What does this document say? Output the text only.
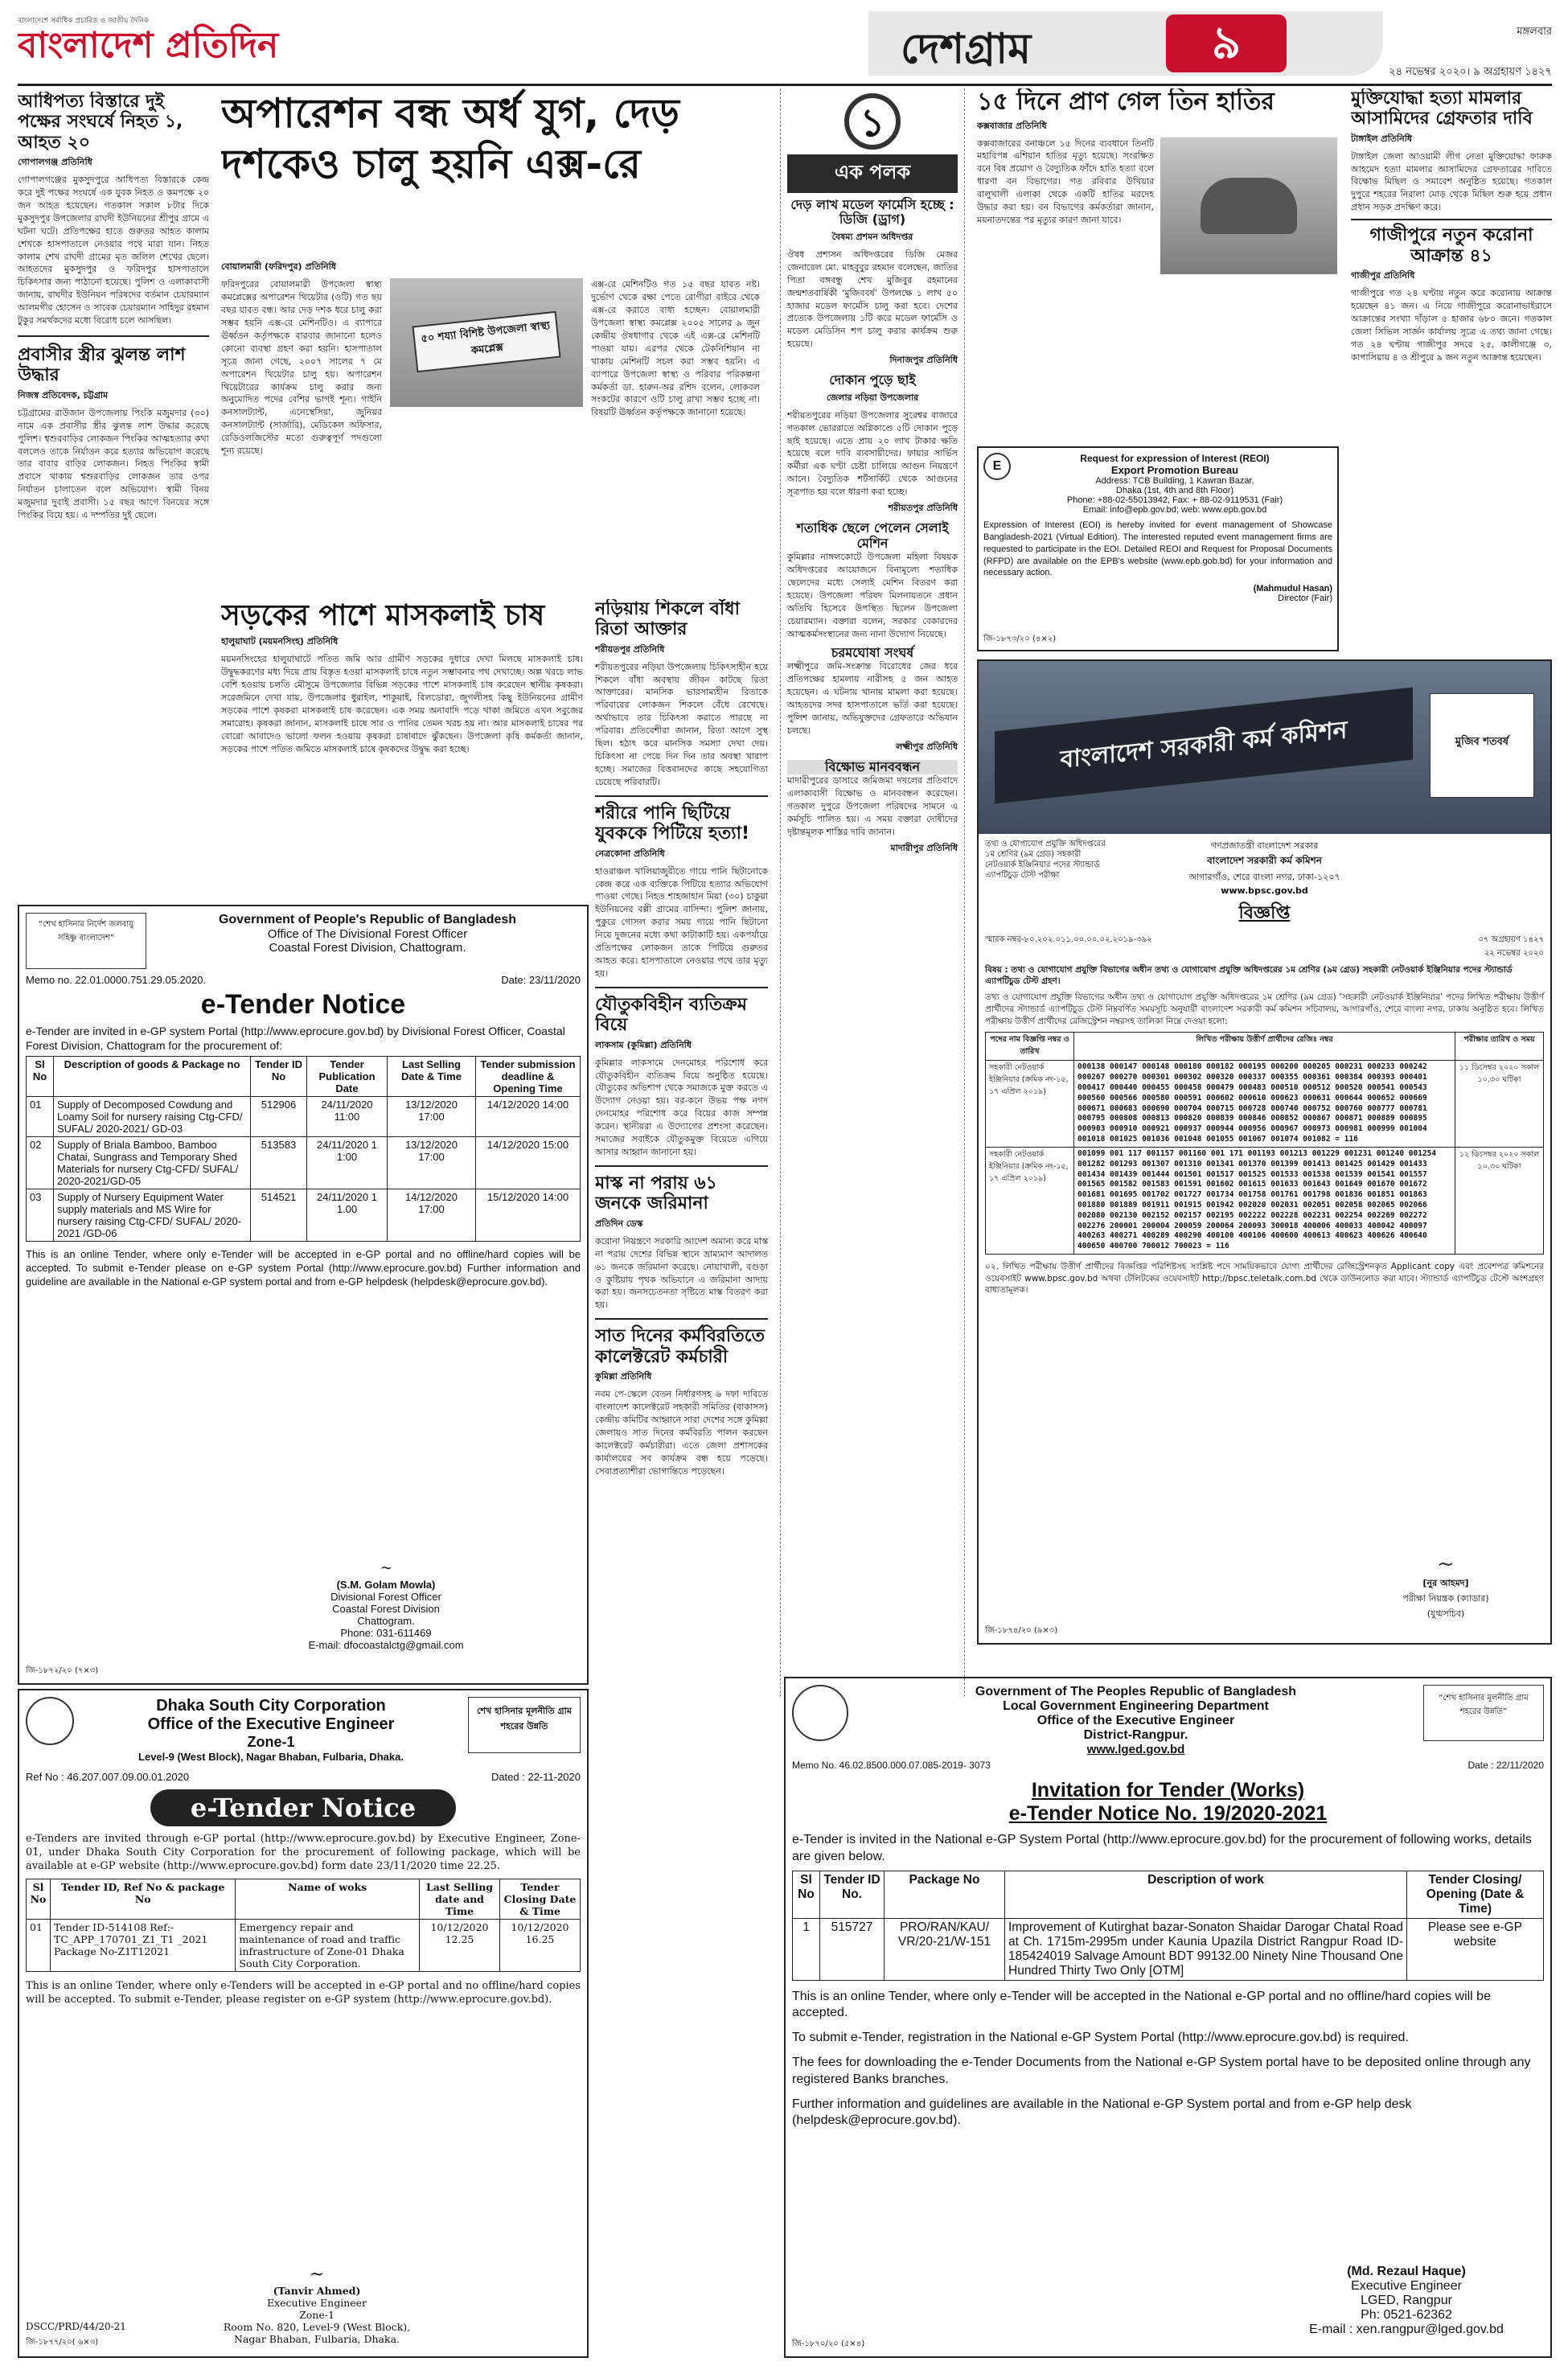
বাংলাদেশে সর্বাধিক প্রচারিত ও জাতীয় দৈনিক
বাংলাদেশ প্রতিদিন	দেশগ্রাম	৯	মঙ্গলবার
২৪ নভেম্বর ২০২০। ৯ অগ্রহায়ণ ১৪২৭
আধিপত্য বিস্তারে দুই পক্ষের সংঘর্ষে নিহত ১, আহত ২০
গোপালগঞ্জ প্রতিনিধি
গোপালগঞ্জের মুকসুদপুরে আধিপত্য বিস্তারকে কেন্দ্র করে দুই পক্ষের সংঘর্ষে এক যুবক নিহত ও কমপক্ষে ২০ জন আহত হয়েছেন। গতকাল সকাল ৮টার দিকে মুকসুদপুর উপজেলার রাঘদী ইউনিয়নের শ্রীপুর গ্রামে এ ঘটনা ঘটে। প্রতিপক্ষের হাতে গুরুতর আহত কালাম শেখকে হাসপাতালে নেওয়ার পথে মারা যান। নিহত কালাম শেখ রাঘদী গ্রামের মৃত জলিল শেখের ছেলে। আহতদের মুকসুদপুর ও ফরিদপুর হাসপাতালে চিকিৎসার জন্য পাঠানো হয়েছে। পুলিশ ও এলাকাবাসী জানায়, রাঘদীর ইউনিয়ন পরিষদের বর্তমান চেয়ারম্যান আলমগীর হোসেন ও সাবেক চেয়ারম্যান সাহিদুর রহমান টুকুর সমর্থকদের মধ্যে বিরোধ চলে আসছিল।
প্রবাসীর স্ত্রীর ঝুলন্ত লাশ উদ্ধার
নিজস্ব প্রতিবেদক, চট্টগ্রাম
চট্টগ্রামের রাউজান উপজেলায় পিংকি মজুমদার (৩০) নামে এক প্রবাসীর স্ত্রীর ঝুলন্ত লাশ উদ্ধার করেছে পুলিশ। শ্বশুরবাড়ির লোকজন পিংকির আত্মহত্যার কথা বললেও তাকে নির্যাতন করে হত্যার অভিযোগ করেছে তার বাবার বাড়ির লোকজন। নিহত পিংকির স্বামী প্রবাসে থাকায় শ্বশুরবাড়ির লোকজন তার ওপর নির্যাতন চালাতেন বলে অভিযোগ। স্বামী বিনয় মজুমদার দুবাই প্রবাসী। ১৫ বছর আগে বিনয়ের সঙ্গে পিংকির বিয়ে হয়। এ দম্পতির দুই ছেলে।
অপারেশন বন্ধ অর্ধ যুগ, দেড় দশকেও চালু হয়নি এক্স-রে
বোয়ালমারী (ফরিদপুর) প্রতিনিধি
ফরিদপুরের বোয়ালমারী উপজেলা স্বাস্থ্য কমপ্লেক্সের অপারেশন থিয়েটার (ওটি) গত ছয় বছর যাবত বন্ধ। আর দেড় দশক ধরে চালু করা সম্ভব হয়নি এক্স-রে মেশিনটিও। এ ব্যাপারে ঊর্ধ্বতন কর্তৃপক্ষকে বারবার জানানো হলেও কোনো ব্যবস্থা গ্রহণ করা হয়নি। হাসপাতাল সূত্রে জানা গেছে, ২০০৭ সালের ৭ মে অপারেশন থিয়েটার চালু হয়। অপারেশন থিয়েটারের কার্যক্রম চালু করার জন্য অনুমোদিত পদের বেশির ভাগই শূন্য। গাইনি কনসালট্যান্ট, এনেস্থেসিয়া, জুনিয়র কনসালট্যান্ট (সার্জারি), মেডিকেল অফিসার, রেডিওলজিস্টের মতো গুরুত্বপূর্ণ পদগুলো শূন্য রয়েছে।
৫০ শয্যা বিশিষ্ট উপজেলা স্বাস্থ্য কমপ্লেক্স
এক্স-রে মেশিনটিও গত ১৫ বছর যাবত নষ্ট। দুর্ভোগ থেকে রক্ষা পেতে রোগীরা বাইরে থেকে এক্স-রে করাতে বাধ্য হচ্ছেন। বোয়ালমারী উপজেলা স্বাস্থ্য কমপ্লেক্স ২০০৫ সালের ৯ জুন কেন্দ্রীয় ঔষধাগার থেকে এই এক্স-রে মেশিনটি পাওয়া যায়। এরপর থেকে টেকনিশিয়ান না থাকায় মেশিনটি সচল করা সম্ভব হয়নি। এ ব্যাপারে উপজেলা স্বাস্থ্য ও পরিবার পরিকল্পনা কর্মকর্তা ডা. হারুন-অর রশিদ বলেন, লোকবল সংকটের কারণে ওটি চালু রাখা সম্ভব হচ্ছে না। বিষয়টি ঊর্ধ্বতন কর্তৃপক্ষকে জানানো হয়েছে।
সড়কের পাশে মাসকলাই চাষ
হালুয়াঘাট (ময়মনসিংহ) প্রতিনিধি
ময়মনসিংহের হালুয়াঘাটে পতিত জমি আর গ্রামীণ সড়কের দুধারে দেখা মিলছে মাসকলাই চাষ। উদ্বুদ্ধকরণের মধ্য দিয়ে প্রায় বিস্তৃত হওয়া মাসকলাই চাষে নতুন সম্ভাবনার পথ দেখাচ্ছে। অল্প খরচে লাভ বেশি হওয়ায় চলতি মৌসুমে উপজেলার বিভিন্ন সড়কের পাশে মাসকলাই চাষ করেছেন স্থানীয় কৃষকরা। সরেজমিনে দেখা যায়, উপজেলার ধুরাইল, শাকুয়াই, বিলডোরা, জুগলীসহ কিছু ইউনিয়নের গ্রামীণ সড়কের পাশে কৃষকরা মাসকলাই চাষ করেছেন। এক সময় অনাবাদি পড়ে থাকা জমিতে এখন সবুজের সমারোহ। কৃষকরা জানান, মাসকলাই চাষে সার ও পানির তেমন খরচ হয় না। আর মাসকলাই চাষের পর বোরো আবাদেও ভালো ফলন হওয়ায় কৃষকরা চাষাবাদে ঝুঁকছেন। উপজেলা কৃষি কর্মকর্তা জানান, সড়কের পাশে পতিত জমিতে মাসকলাই চাষে কৃষকদের উদ্বুদ্ধ করা হচ্ছে।
নড়িয়ায় শিকলে বাঁধা রিতা আক্তার
শরীয়তপুর প্রতিনিধি
শরীয়তপুরের নড়িয়া উপজেলায় চিকিৎসাহীন হয়ে শিকলে বাঁধা অবস্থায় জীবন কাটছে রিতা আক্তারের। মানসিক ভারসাম্যহীন রিতাকে পরিবারের লোকজন শিকলে বেঁধে রেখেছে। অর্থাভাবে তার চিকিৎসা করাতে পারছে না পরিবার। প্রতিবেশীরা জানান, রিতা আগে সুস্থ ছিল। হঠাৎ করে মানসিক সমস্যা দেখা দেয়। চিকিৎসা না পেয়ে দিন দিন তার অবস্থা খারাপ হচ্ছে। সমাজের বিত্তবানদের কাছে সহযোগিতা চেয়েছে পরিবারটি।
শরীরে পানি ছিটিয়ে যুবককে পিটিয়ে হত্যা!
নেত্রকোনা প্রতিনিধি
হাওরাঞ্চল খালিয়াজুরীতে গায়ে পানি ছিটানোকে কেন্দ্র করে এক ব্যক্তিকে পিটিয়ে হত্যার অভিযোগ পাওয়া গেছে। নিহত শাহজাহান মিয়া (৩০) চাকুয়া ইউনিয়নের বল্লী গ্রামের বাসিন্দা। পুলিশ জানায়, পুকুরে গোসল করার সময় গায়ে পানি ছিটানো নিয়ে দুজনের মধ্যে কথা কাটাকাটি হয়। একপর্যায়ে প্রতিপক্ষের লোকজন তাকে পিটিয়ে গুরুতর আহত করে। হাসপাতালে নেওয়ার পথে তার মৃত্যু হয়।
যৌতুকবিহীন ব্যতিক্রম বিয়ে
লাকসাম (কুমিল্লা) প্রতিনিধি
কুমিল্লার লাকসামে দেনমোহর পরিশোধ করে যৌতুকবিহীন ব্যতিক্রম বিয়ে অনুষ্ঠিত হয়েছে। যৌতুকের অভিশাপ থেকে সমাজকে মুক্ত করতে এ উদ্যোগ নেওয়া হয়। বর-কনে উভয় পক্ষ নগদ দেনমোহর পরিশোধ করে বিয়ের কাজ সম্পন্ন করেন। স্থানীয়রা এ উদ্যোগের প্রশংসা করেছেন। সমাজের সবাইকে যৌতুকমুক্ত বিয়েতে এগিয়ে আসার আহ্বান জানানো হয়।
মাস্ক না পরায় ৬১ জনকে জরিমানা
প্রতিদিন ডেস্ক
করোনা নিয়ন্ত্রণে সরকারি আদেশ অমান্য করে মাস্ক না পরায় দেশের বিভিন্ন স্থানে ভ্রাম্যমাণ আদালত ৬১ জনকে জরিমানা করেছে। নোয়াখালী, বগুড়া ও কুষ্টিয়ায় পৃথক অভিযানে এ জরিমানা আদায় করা হয়। জনসচেতনতা সৃষ্টিতে মাস্ক বিতরণ করা হয়।
সাত দিনের কর্মবিরতিতে কালেক্টরেট কর্মচারী
কুমিল্লা প্রতিনিধি
নবম পে-স্কেলে বেতন নির্ধারণসহ ৬ দফা দাবিতে বাংলাদেশ কালেক্টরেট সহকারী সমিতির (বাকাসস) কেন্দ্রীয় কমিটির আহ্বানে সারা দেশের সঙ্গে কুমিল্লা জেলায়ও সাত দিনের কর্মবিরতি পালন করছেন কালেক্টরেট কর্মচারীরা। এতে জেলা প্রশাসকের কার্যালয়ের সব কার্যক্রম বন্ধ হয়ে পড়েছে। সেবাপ্রত্যাশীরা ভোগান্তিতে পড়েছেন।
১
এক পলক
দেড় লাখ মডেল ফার্মেসি হচ্ছে : ডিজি (ড্রাগ)
বৈষম্য প্রশমন অধিদপ্তর
ঔষধ প্রশাসন অধিদপ্তরের ডিজি মেজর জেনারেল মো. মাহবুবুর রহমান বলেছেন, জাতির পিতা বঙ্গবন্ধু শেখ মুজিবুর রহমানের জন্মশতবার্ষিকী ‘মুজিববর্ষ’ উপলক্ষে ১ লাখ ৫০ হাজার মডেল ফার্মেসি চালু করা হবে। দেশের প্রত্যেক উপজেলায় ১টি করে মডেল ফার্মেসি ও মডেল মেডিসিন শপ চালু করার কার্যক্রম শুরু হয়েছে।
দিনাজপুর প্রতিনিধি
দোকান পুড়ে ছাই
জেলার নড়িয়া উপজেলার
শরীয়তপুরের নড়িয়া উপজেলার সুরেশ্বর বাজারে গতকাল ভোররাতে অগ্নিকাণ্ডে ৫টি দোকান পুড়ে ছাই হয়েছে। এতে প্রায় ২০ লাখ টাকার ক্ষতি হয়েছে বলে দাবি ব্যবসায়ীদের। ফায়ার সার্ভিস কর্মীরা এক ঘণ্টা চেষ্টা চালিয়ে আগুন নিয়ন্ত্রণে আনে। বৈদ্যুতিক শর্টসার্কিট থেকে আগুনের সূত্রপাত হয় বলে ধারণা করা হচ্ছে।
শরীয়তপুর প্রতিনিধি
শতাধিক ছেলে পেলেন সেলাই মেশিন
কুমিল্লার নাঙ্গলকোটে উপজেলা মহিলা বিষয়ক অধিদপ্তরের আয়োজনে বিনামূল্যে শতাধিক ছেলেদের মধ্যে সেলাই মেশিন বিতরণ করা হয়েছে। উপজেলা পরিষদ মিলনায়তনে প্রধান অতিথি হিসেবে উপস্থিত ছিলেন উপজেলা চেয়ারম্যান। বক্তারা বলেন, সরকার বেকারদের আত্মকর্মসংস্থানের জন্য নানা উদ্যোগ নিয়েছে।
চরমঘোষা সংঘর্ষ
লক্ষ্মীপুরে জমি-সংক্রান্ত বিরোধের জের ধরে প্রতিপক্ষের হামলায় নারীসহ ৫ জন আহত হয়েছেন। এ ঘটনায় থানায় মামলা করা হয়েছে। আহতদের সদর হাসপাতালে ভর্তি করা হয়েছে। পুলিশ জানায়, অভিযুক্তদের গ্রেফতারে অভিযান চলছে।
লক্ষ্মীপুর প্রতিনিধি
বিক্ষোভ মানববন্ধন
মাদারীপুরের ডাসারে জমিজমা দখলের প্রতিবাদে এলাকাবাসী বিক্ষোভ ও মানববন্ধন করেছেন। গতকাল দুপুরে উপজেলা পরিষদের সামনে এ কর্মসূচি পালিত হয়। এ সময় বক্তারা দোষীদের দৃষ্টান্তমূলক শাস্তির দাবি জানান।
মাদারীপুর প্রতিনিধি
১৫ দিনে প্রাণ গেল তিন হাতির
কক্সবাজার প্রতিনিধি
কক্সবাজারের বনাঞ্চলে ১৫ দিনের ব্যবধানে তিনটি মহাবিপন্ন এশিয়ান হাতির মৃত্যু হয়েছে। সংরক্ষিত বনে বিষ প্রয়োগ ও বৈদ্যুতিক ফাঁদে হাতি হত্যা বলে ধারণা বন বিভাগের। গত রবিবার উখিয়ার বালুখালী এলাকা থেকে একটি হাতির মরদেহ উদ্ধার করা হয়। বন বিভাগের কর্মকর্তারা জানান, ময়নাতদন্তের পর মৃত্যুর কারণ জানা যাবে।
মুক্তিযোদ্ধা হত্যা মামলার আসামিদের গ্রেফতার দাবি
টাঙ্গাইল প্রতিনিধি
টাঙ্গাইল জেলা আওয়ামী লীগ নেতা মুক্তিযোদ্ধা ফারুক আহমেদ হত্যা মামলার আসামিদের গ্রেফতারের দাবিতে বিক্ষোভ মিছিল ও সমাবেশ অনুষ্ঠিত হয়েছে। গতকাল দুপুরে শহরের নিরালা মোড় থেকে মিছিল শুরু হয়ে প্রধান প্রধান সড়ক প্রদক্ষিণ করে।
গাজীপুরে নতুন করোনা আক্রান্ত ৪১
গাজীপুর প্রতিনিধি
গাজীপুরে গত ২৪ ঘণ্টায় নতুন করে করোনায় আক্রান্ত হয়েছেন ৪১ জন। এ নিয়ে গাজীপুরে করোনাভাইরাসে আক্রান্তের সংখ্যা দাঁড়াল ৫ হাজার ৬৮০ জনে। গতকাল জেলা সিভিল সার্জন কার্যালয় সূত্রে এ তথ্য জানা গেছে। গত ২৪ ঘণ্টায় গাজীপুর সদরে ২৫, কালীগঞ্জে ৩, কাপাসিয়ায় ৪ ও শ্রীপুরে ৯ জন নতুন আক্রান্ত হয়েছেন।
E
Request for expression of Interest (REOI)
Export Promotion Bureau
Address: TCB Building, 1 Kawran Bazar,
Dhaka (1st, 4th and 8th Floor)
Phone: +88-02-55013942, Fax: + 88-02-9119531 (Fair)
Email: info@epb.gov.bd; web: www.epb.gov.bd
Expression of Interest (EOI) is hereby invited for event management of Showcase Bangladesh-2021 (Virtual Edition). The interested reputed event management firms are requested to participate in the EOI. Detailed REOI and Request for Proposal Documents (RFPD) are available on the EPB's website (www.epb.gob.bd) for your information and necessary action.
(Mahmudul Hasan)
Director (Fair)
জি-১৮৭৩/২০ (৪×২)
বাংলাদেশ সরকারী কর্ম কমিশন	মুজিব শতবর্ষ
তথ্য ও যোগাযোগ প্রযুক্তি অধিদপ্তরের ১ম শ্রেণির (৯ম গ্রেড) সহকারী নেটওয়ার্ক ইঞ্জিনিয়ার পদের স্ট্যান্ডার্ড এ্যাপটিচুড টেস্ট পরীক্ষা
গণপ্রজাতন্ত্রী বাংলাদেশ সরকার
বাংলাদেশ সরকারী কর্ম কমিশন
আগারগাঁও, শেরে বাংলা নগর, ঢাকা-১২০৭
www.bpsc.gov.bd
বিজ্ঞপ্তি
স্মারক নম্বর-৮০.২০২.০১১.০০.০০.০২.২০১৯-৩৯২	০৭ অগ্রহায়ণ ১৪২৭
২২ নভেম্বর ২০২০
বিষয় : তথ্য ও যোগাযোগ প্রযুক্তি বিভাগের অধীন তথ্য ও যোগাযোগ প্রযুক্তি অধিদপ্তরের ১ম শ্রেণির (৯ম গ্রেড) সহকারী নেটওয়ার্ক ইঞ্জিনিয়ার পদের স্ট্যান্ডার্ড এ্যাপটিচুড টেস্ট গ্রহণ।
তথ্য ও যোগাযোগ প্রযুক্তি বিভাগের অধীন তথ্য ও যোগাযোগ প্রযুক্তি অধিদপ্তরের ১ম শ্রেণির (৯ম গ্রেড) ‘সহকারী নেটওয়ার্ক ইঞ্জিনিয়ার’ পদের লিখিত পরীক্ষায় উত্তীর্ণ প্রার্থীদের স্ট্যান্ডার্ড এ্যাপটিচুড টেস্ট নিম্নবর্ণিত সময়সূচি অনুযায়ী বাংলাদেশ সরকারী কর্ম কমিশন সচিবালয়, আগারগাঁও, শেরে বাংলা নগর, ঢাকায় অনুষ্ঠিত হবে। লিখিত পরীক্ষায় উত্তীর্ণ প্রার্থীদের রেজিস্ট্রেশন নম্বরসহ তালিকা নিম্নে দেওয়া হলো:
পদের নাম বিজ্ঞপ্তি নম্বর ও তারিখ	লিখিত পরীক্ষায় উত্তীর্ণ প্রার্থীদের রেজিঃ নম্বর	পরীক্ষার তারিখ ও সময়
সহকারী নেটওয়ার্ক ইঞ্জিনিয়ার (ক্রমিক নং-১৫, ১৭ এপ্রিল ২০১৯)	000138 000147 000148 000180 000182 000195 000200 000205 000231 000233 000242 000267 000270 000301 000302 000320 000337 000355 000361 000384 000393 000401 000417 000440 000455 000458 000479 000483 000510 000512 000520 000541 000543 000560 000566 000580 000591 000602 000610 000623 000631 000644 000652 000669 000671 000683 000690 000704 000715 000728 000740 000752 000760 000777 000781 000795 000808 000813 000820 000839 000846 000852 000867 000871 000889 000895 000903 000910 000921 000937 000944 000956 000967 000973 000981 000999 001004 001018 001025 001036 001048 001055 001067 001074 001082 = 116	১১ ডিসেম্বর ২০২০ সকাল ১০.৩০ ঘটিকা
সহকারী নেটওয়ার্ক ইঞ্জিনিয়ার (ক্রমিক নং-১৫, ১৭ এপ্রিল ২০১৯)	001099 001 117 001157 001160 001 171 001193 001213 001229 001231 001240 001254 001282 001293 001307 001310 001341 001370 001399 001413 001425 001429 001433 001434 001439 001444 001501 001517 001525 001533 001538 001539 001541 001557 001565 001582 001583 001591 001602 001615 001633 001643 001649 001670 001672 001681 001695 001702 001727 001734 001758 001761 001798 001836 001851 001863 001880 001889 001911 001915 001942 002020 002031 002051 002058 002065 002066 002080 002130 002152 002157 002195 002222 002228 002231 002254 002269 002272 002276 200001 200004 200059 200064 200093 300018 400006 400033 400042 400097 400263 400271 400289 400290 400100 400106 400600 400613 400623 400626 400640 400650 400700 700012 700023 = 116	১২ ডিসেম্বর ২০২০ সকাল ১০.৩০ ঘটিকা
০২. লিখিত পরীক্ষায় উত্তীর্ণ প্রার্থীদের বিজ্ঞপ্তির পরিশিষ্টসহ সংশ্লিষ্ট পদে সাময়িকভাবে যোগ্য প্রার্থীদের রেজিস্ট্রেশনকৃত Applicant copy এবং প্রবেশপত্র কমিশনের ওয়েবসাইট www.bpsc.gov.bd অথবা টেলিটকের ওয়েবসাইট http://bpsc.teletalk.com.bd থেকে ডাউনলোড করা যাবে। স্ট্যান্ডার্ড এ্যাপটিচুড টেস্টে অংশগ্রহণ বাধ্যতামূলক।
~
[নুর আহমদ]
পরীক্ষা নিয়ন্ত্রক (ক্যাডার)
(যুগ্মসচিব)
জি-১৮৭৪/২০ (৯×৩)
“শেখ হাসিনার নির্দেশ জলবায়ু সহিষ্ণু বাংলাদেশ”
Government of People's Republic of Bangladesh
Office of The Divisional Forest Officer
Coastal Forest Division, Chattogram.
Memo no. 22.01.0000.751.29.05.2020.	Date: 23/11/2020
e-Tender Notice
e-Tender are invited in e-GP system Portal (http://www.eprocure.gov.bd) by Divisional Forest Officer, Coastal Forest Division, Chattogram for the procurement of:
Sl No	Description of goods & Package no	Tender ID No	Tender Publication Date	Last Selling Date & Time	Tender submission deadline & Opening Time
01	Supply of Decomposed Cowdung and Loamy Soil for nursery raising Ctg-CFD/ SUFAL/ 2020-2021/ GD-03	512906	24/11/2020 11:00	13/12/2020 17:00	14/12/2020 14:00
02	Supply of Briala Bamboo, Bamboo Chatai, Sungrass and Temporary Shed Materials for nursery Ctg-CFD/ SUFAL/ 2020-2021/GD-05	513583	24/11/2020 1 1:00	13/12/2020 17:00	14/12/2020 15:00
03	Supply of Nursery Equipment Water supply materials and MS Wire for nursery raising Ctg-CFD/ SUFAL/ 2020-2021 /GD-06	514521	24/11/2020 1 1.00	14/12/2020 17:00	15/12/2020 14:00
This is an online Tender, where only e-Tender will be accepted in e-GP portal and no offline/hard copies will be accepted. To submit e-Tender please on e-GP system Portal (http://www.eprocure.gov.bd) Further information and guideline are available in the National e-GP system portal and from e-GP helpdesk (helpdesk@eprocure.gov.bd).
~
(S.M. Golam Mowla)
Divisional Forest Officer
Coastal Forest Division
Chattogram.
Phone: 031-611469
E-mail: dfocoastalctg@gmail.com
জি-১৮৭২/২০ (৭×৩)
Dhaka South City Corporation
Office of the Executive Engineer
Zone-1
Level-9 (West Block), Nagar Bhaban, Fulbaria, Dhaka.
শেখ হাসিনার মূলনীতি গ্রাম শহরের উন্নতি
Ref No : 46.207.007.09.00.01.2020	Dated : 22-11-2020
e-Tender Notice
e-Tenders are invited through e-GP portal (http://www.eprocure.gov.bd) by Executive Engineer, Zone-01, under Dhaka South City Corporation for the procurement of following package, which will be available at e-GP website (http://www.eprocure.gov.bd) form date 23/11/2020 time 22.25.
Sl No	Tender ID, Ref No & package No	Name of woks	Last Selling date and Time	Tender Closing Date & Time
01	Tender ID-514108 Ref:- TC_APP_170701_Z1_T1 _2021 Package No-Z1T12021	Emergency repair and maintenance of road and traffic infrastructure of Zone-01 Dhaka South City Corporation.	10/12/2020 12.25	10/12/2020 16.25
This is an online Tender, where only e-Tenders will be accepted in e-GP portal and no offline/hard copies will be accepted. To submit e-Tender, please register on e-GP system (http://www.eprocure.gov.bd).
~
(Tanvir Ahmed)
Executive Engineer
Zone-1
Room No. 820, Level-9 (West Block),
Nagar Bhaban, Fulbaria, Dhaka.
DSCC/PRD/44/20-21
জি-১৮৭৭/২০( ৬×৩)
Government of The Peoples Republic of Bangladesh
Local Government Engineering Department
Office of the Executive Engineer
District-Rangpur.
www.lged.gov.bd
“শেখ হাসিনার মূলনীতি গ্রাম শহরের উন্নতি”
Memo No. 46.02.8500.000.07.085-2019- 3073	Date : 22/11/2020
Invitation for Tender (Works)
e-Tender Notice No. 19/2020-2021
e-Tender is invited in the National e-GP System Portal (http://www.eprocure.gov.bd) for the procurement of following works, details are given below.
Sl No	Tender ID No.	Package No	Description of work	Tender Closing/ Opening (Date & Time)
1	515727	PRO/RAN/KAU/ VR/20-21/W-151	Improvement of Kutirghat bazar-Sonaton Shaidar Darogar Chatal Road at Ch. 1715m-2995m under Kaunia Upazila District Rangpur Road ID-185424019 Salvage Amount BDT 99132.00 Ninety Nine Thousand One Hundred Thirty Two Only [OTM]	Please see e-GP website
This is an online Tender, where only e-Tender will be accepted in the National e-GP portal and no offline/hard copies will be accepted.
To submit e-Tender, registration in the National e-GP System Portal (http://www.eprocure.gov.bd) is required.
The fees for downloading the e-Tender Documents from the National e-GP System portal have to be deposited online through any registered Banks branches.
Further information and guidelines are available in the National e-GP System portal and from e-GP help desk (helpdesk@eprocure.gov.bd).
(Md. Rezaul Haque)
Executive Engineer
LGED, Rangpur
Ph: 0521-62362
E-mail : xen.rangpur@lged.gov.bd
জি-১৮৭০/২০ (৫×৪)
